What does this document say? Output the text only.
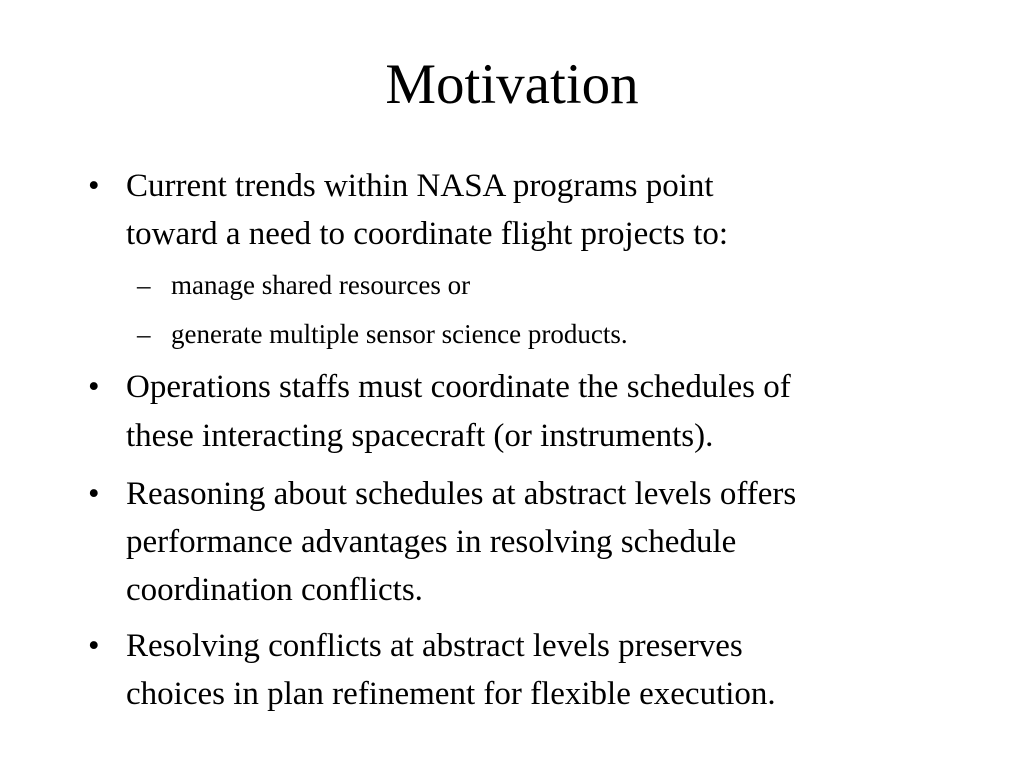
Motivation
• Current trends within NASA programs point
toward a need to coordinate flight projects to:
– manage shared resources or
– generate multiple sensor science products.
• Operations staffs must coordinate the schedules of
these interacting spacecraft (or instruments).
• Reasoning about schedules at abstract levels offers
performance advantages in resolving schedule
coordination conflicts.
• Resolving conflicts at abstract levels preserves
choices in plan refinement for flexible execution.
